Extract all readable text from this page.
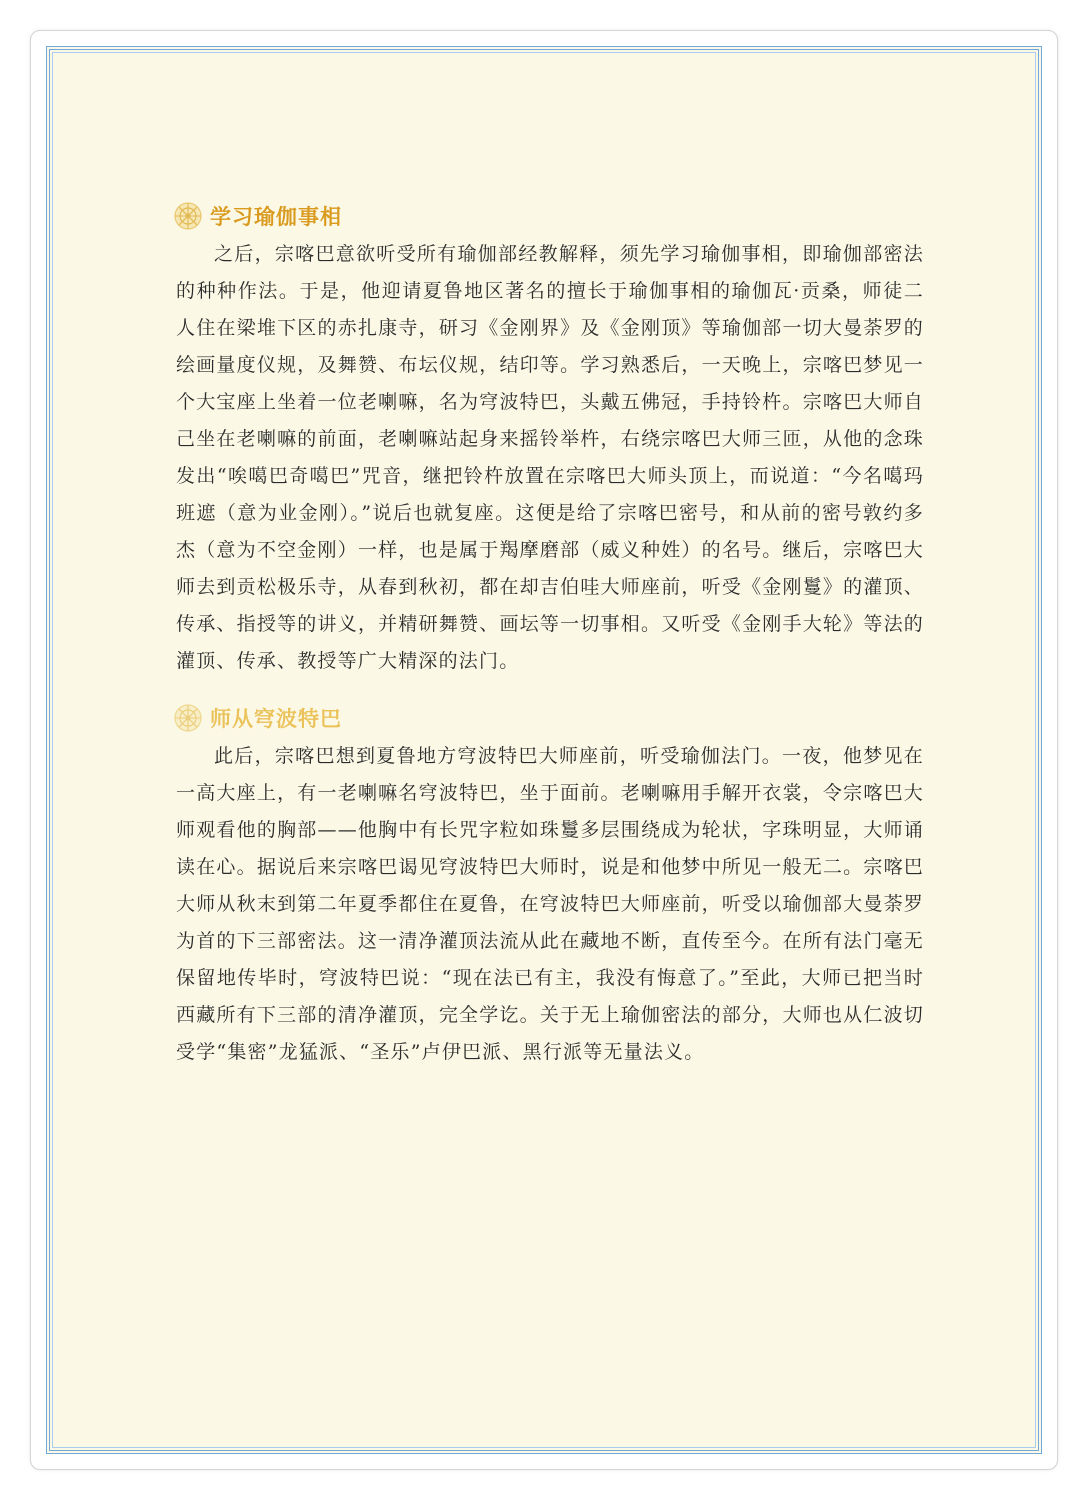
学习瑜伽事相

之后，宗喀巴意欲听受所有瑜伽部经教解释，须先学习瑜伽事相，即瑜伽部密法的种种作法。于是，他迎请夏鲁地区著名的擅长于瑜伽事相的瑜伽瓦·贡桑，师徒二人住在梁堆下区的赤扎康寺，研习《金刚界》及《金刚顶》等瑜伽部一切大曼荼罗的绘画量度仪规，及舞赞、布坛仪规，结印等。学习熟悉后，一天晚上，宗喀巴梦见一个大宝座上坐着一位老喇嘛，名为穹波特巴，头戴五佛冠，手持铃杵。宗喀巴大师自己坐在老喇嘛的前面，老喇嘛站起身来摇铃举杵，右绕宗喀巴大师三匝，从他的念珠发出“唉噶巴奇噶巴”咒音，继把铃杵放置在宗喀巴大师头顶上，而说道：“今名噶玛班遮（意为业金刚）。”说后也就复座。这便是给了宗喀巴密号，和从前的密号敦约多杰（意为不空金刚）一样，也是属于羯摩磨部（威义种姓）的名号。继后，宗喀巴大师去到贡松极乐寺，从春到秋初，都在却吉伯哇大师座前，听受《金刚鬘》的灌顶、传承、指授等的讲义，并精研舞赞、画坛等一切事相。又听受《金刚手大轮》等法的灌顶、传承、教授等广大精深的法门。

师从穹波特巴

此后，宗喀巴想到夏鲁地方穹波特巴大师座前，听受瑜伽法门。一夜，他梦见在一高大座上，有一老喇嘛名穹波特巴，坐于面前。老喇嘛用手解开衣裳，令宗喀巴大师观看他的胸部——他胸中有长咒字粒如珠鬘多层围绕成为轮状，字珠明显，大师诵读在心。据说后来宗喀巴谒见穹波特巴大师时，说是和他梦中所见一般无二。宗喀巴大师从秋末到第二年夏季都住在夏鲁，在穹波特巴大师座前，听受以瑜伽部大曼荼罗为首的下三部密法。这一清净灌顶法流从此在藏地不断，直传至今。在所有法门毫无保留地传毕时，穹波特巴说：“现在法已有主，我没有悔意了。”至此，大师已把当时西藏所有下三部的清净灌顶，完全学讫。关于无上瑜伽密法的部分，大师也从仁波切受学“集密”龙猛派、“圣乐”卢伊巴派、黑行派等无量法义。
